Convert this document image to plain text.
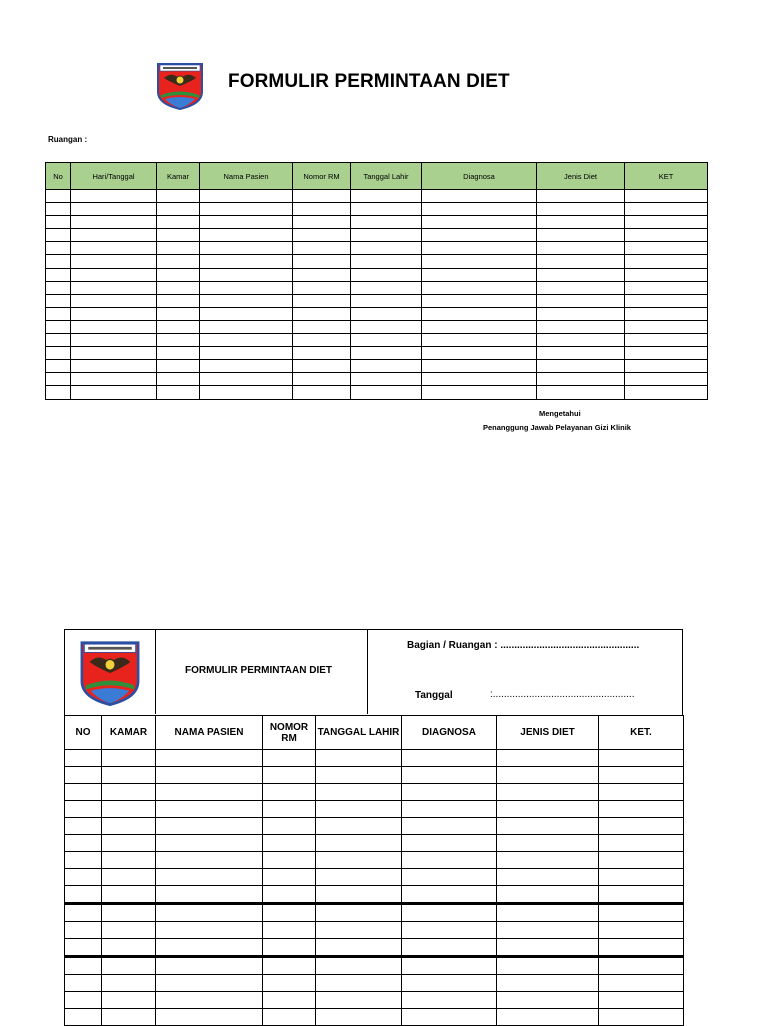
FORMULIR PERMINTAAN DIET
Ruangan :
No	Hari/Tanggal	Kamar	Nama Pasien	Nomor RM	Tanggal Lahir	Diagnosa	Jenis Diet	KET

Mengetahui
Penanggung Jawab Pelayanan Gizi Klinik
FORMULIR PERMINTAAN DIET
Bagian / Ruangan : ..................................................
Tanggal	:...................................................
NO	KAMAR	NAMA PASIEN	NOMOR RM	TANGGAL LAHIR	DIAGNOSA	JENIS DIET	KET.
